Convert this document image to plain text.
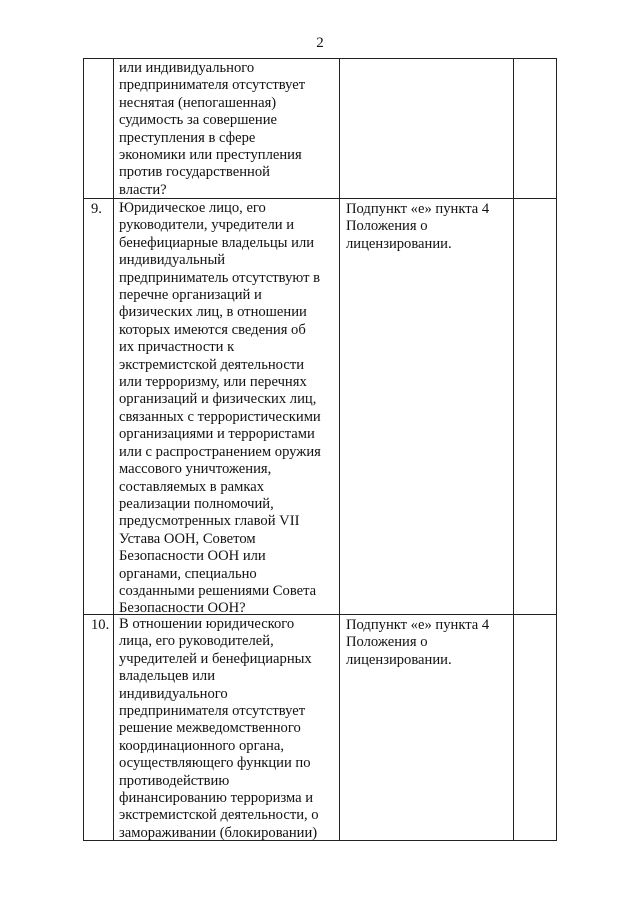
2
или индивидуального
предпринимателя отсутствует
неснятая (непогашенная)
судимость за совершение
преступления в сфере
экономики или преступления
против государственной
власти?
9.	Юридическое лицо, его
руководители, учредители и
бенефициарные владельцы или
индивидуальный
предприниматель отсутствуют в
перечне организаций и
физических лиц, в отношении
которых имеются сведения об
их причастности к
экстремистской деятельности
или терроризму, или перечнях
организаций и физических лиц,
связанных с террористическими
организациями и террористами
или с распространением оружия
массового уничтожения,
составляемых в рамках
реализации полномочий,
предусмотренных главой VII
Устава ООН, Советом
Безопасности ООН или
органами, специально
созданными решениями Совета
Безопасности ООН?
Подпункт «е» пункта 4
Положения о
лицензировании.
10. В отношении юридического
лица, его руководителей,
учредителей и бенефициарных
владельцев или
индивидуального
предпринимателя отсутствует
решение межведомственного
координационного органа,
осуществляющего функции по
противодействию
финансированию терроризма и
экстремистской деятельности, о
замораживании (блокировании)
Подпункт «е» пункта 4
Положения о
лицензировании.
